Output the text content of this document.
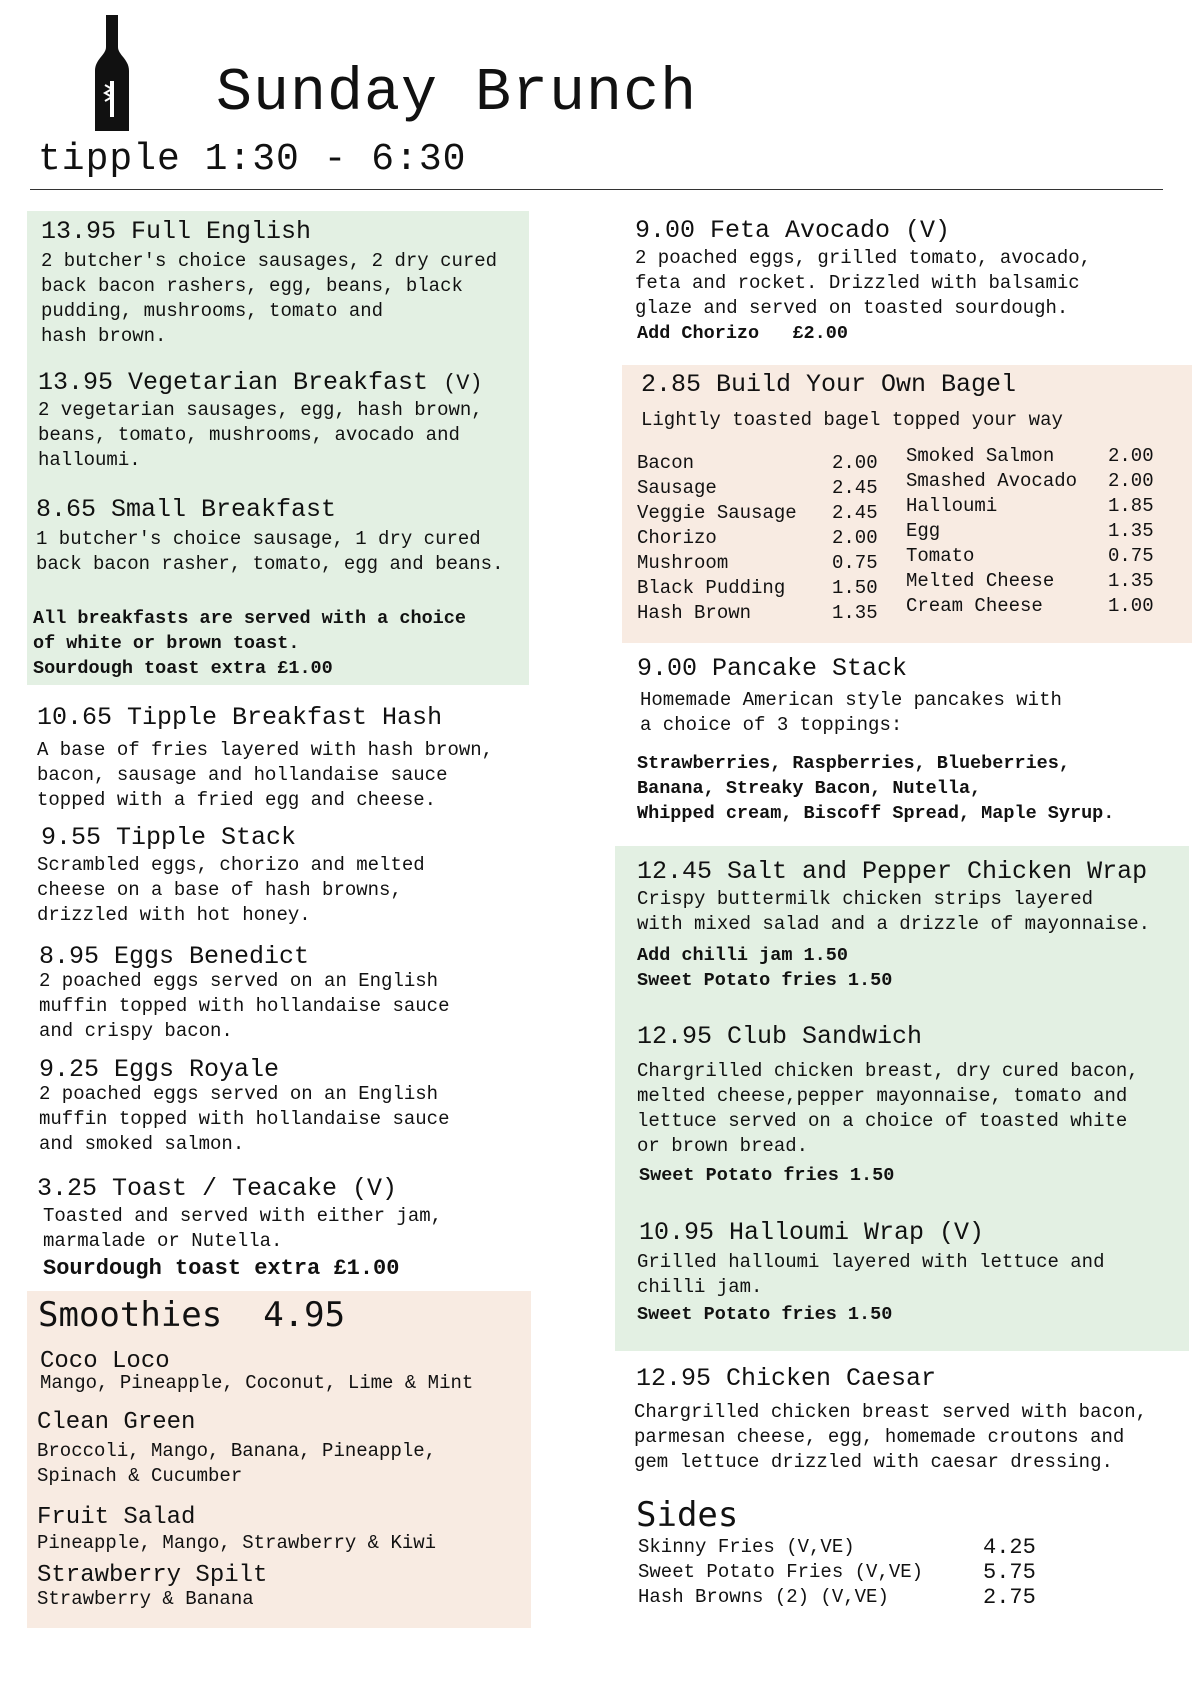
Sunday Brunch
tipple 1:30 - 6:30
13.95 Full English
2 butcher's choice sausages, 2 dry cured
back bacon rashers, egg, beans, black
pudding, mushrooms, tomato and
hash brown.
13.95 Vegetarian Breakfast (V)
2 vegetarian sausages, egg, hash brown,
beans, tomato, mushrooms, avocado and
halloumi.
8.65 Small Breakfast
1 butcher's choice sausage, 1 dry cured
back bacon rasher, tomato, egg and beans.
All breakfasts are served with a choice
of white or brown toast.
Sourdough toast extra £1.00
10.65 Tipple Breakfast Hash
A base of fries layered with hash brown,
bacon, sausage and hollandaise sauce
topped with a fried egg and cheese.
9.55 Tipple Stack
Scrambled eggs, chorizo and melted
cheese on a base of hash browns,
drizzled with hot honey.
8.95 Eggs Benedict
2 poached eggs served on an English
muffin topped with hollandaise sauce
and crispy bacon.
9.25 Eggs Royale
2 poached eggs served on an English
muffin topped with hollandaise sauce
and smoked salmon.
3.25 Toast / Teacake (V)
Toasted and served with either jam,
marmalade or Nutella.
Sourdough toast extra £1.00
Smoothies 4.95
Coco Loco
Mango, Pineapple, Coconut, Lime & Mint
Clean Green
Broccoli, Mango, Banana, Pineapple,
Spinach & Cucumber
Fruit Salad
Pineapple, Mango, Strawberry & Kiwi
Strawberry Spilt
Strawberry & Banana
9.00 Feta Avocado (V)
2 poached eggs, grilled tomato, avocado,
feta and rocket. Drizzled with balsamic
glaze and served on toasted sourdough.
Add Chorizo £2.00
2.85 Build Your Own Bagel
Lightly toasted bagel topped your way
Bacon	2.00
Sausage	2.45
Veggie Sausage	2.45
Chorizo	2.00
Mushroom	0.75
Black Pudding	1.50
Hash Brown	1.35
Smoked Salmon	2.00
Smashed Avocado	2.00
Halloumi	1.85
Egg	1.35
Tomato	0.75
Melted Cheese	1.35
Cream Cheese	1.00
9.00 Pancake Stack
Homemade American style pancakes with
a choice of 3 toppings:
Strawberries, Raspberries, Blueberries,
Banana, Streaky Bacon, Nutella,
Whipped cream, Biscoff Spread, Maple Syrup.
12.45 Salt and Pepper Chicken Wrap
Crispy buttermilk chicken strips layered
with mixed salad and a drizzle of mayonnaise.
Add chilli jam 1.50
Sweet Potato fries 1.50
12.95 Club Sandwich
Chargrilled chicken breast, dry cured bacon,
melted cheese,pepper mayonnaise, tomato and
lettuce served on a choice of toasted white
or brown bread.
Sweet Potato fries 1.50
10.95 Halloumi Wrap (V)
Grilled halloumi layered with lettuce and
chilli jam.
Sweet Potato fries 1.50
12.95 Chicken Caesar
Chargrilled chicken breast served with bacon,
parmesan cheese, egg, homemade croutons and
gem lettuce drizzled with caesar dressing.
Sides
Skinny Fries (V,VE)	4.25
Sweet Potato Fries (V,VE)	5.75
Hash Browns (2) (V,VE)	2.75
